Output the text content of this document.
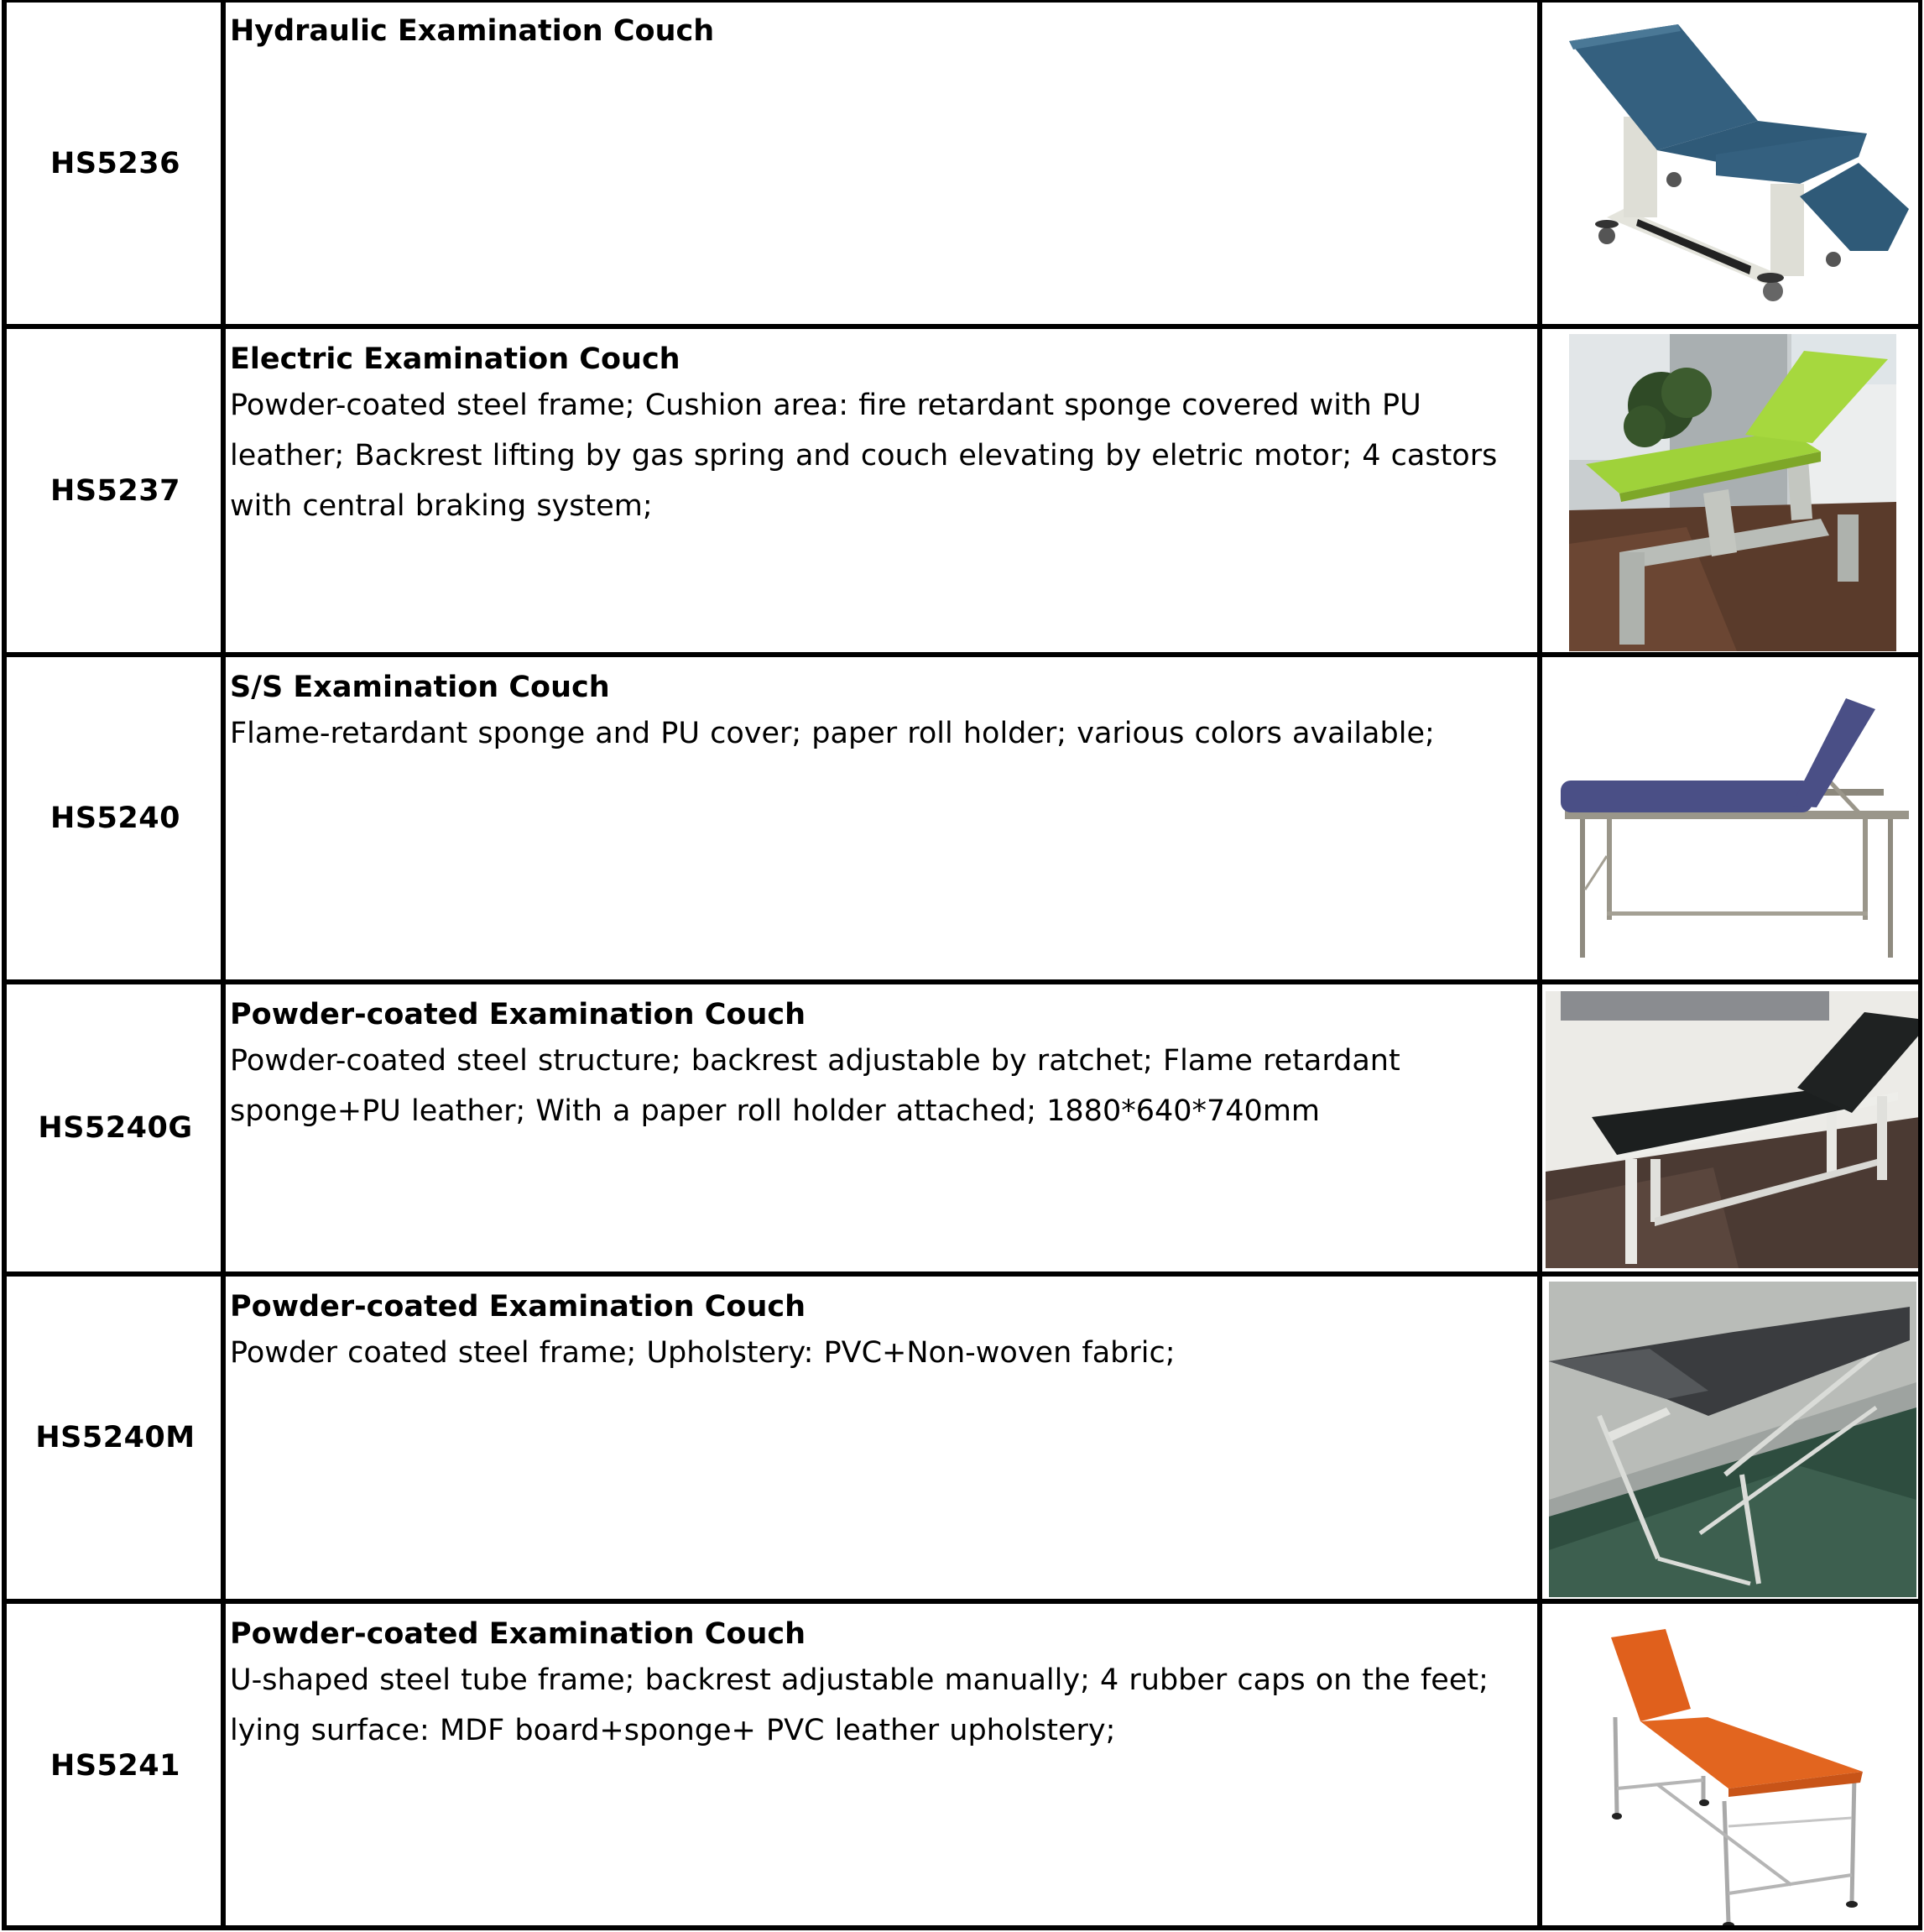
HS5236
Hydraulic Examination Couch
HS5237
Electric Examination Couch
Powder-coated steel frame; Cushion area: fire retardant sponge covered with PU leather; Backrest lifting by gas spring and couch elevating by eletric motor; 4 castors with central braking system;
HS5240
S/S Examination Couch
Flame-retardant sponge and PU cover; paper roll holder; various colors available;
HS5240G
Powder-coated Examination Couch
Powder-coated steel structure; backrest adjustable by ratchet; Flame retardant sponge+PU leather; With a paper roll holder attached; 1880*640*740mm
HS5240M
Powder-coated Examination Couch
Powder coated steel frame; Upholstery: PVC+Non-woven fabric;
HS5241
Powder-coated Examination Couch
U-shaped steel tube frame; backrest adjustable manually; 4 rubber caps on the feet; lying surface: MDF board+sponge+ PVC leather upholstery;
